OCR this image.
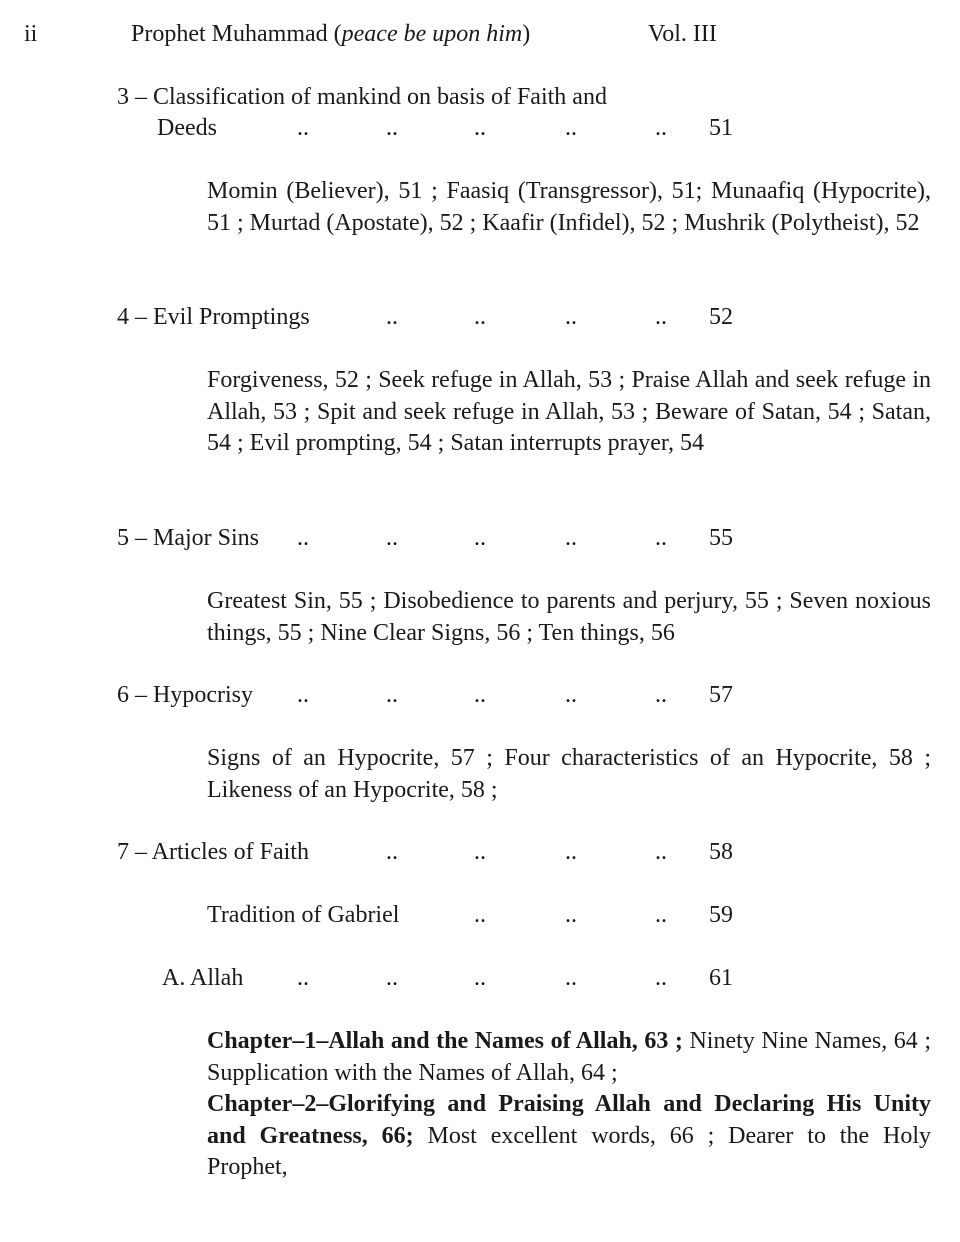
ii	Prophet Muhammad (peace be upon him)	Vol. III
3 – Classification of mankind on basis of Faith and
Deeds	..	..	..	..	.. 51
Momin (Believer), 51 ; Faasiq (Transgressor), 51; Munaafiq (Hypocrite), 51 ; Murtad (Apostate), 52 ; Kaafir (Infidel), 52 ; Mushrik (Polytheist), 52
4 – Evil Promptings	..	..	..	.. 52
Forgiveness, 52 ; Seek refuge in Allah, 53 ; Praise Allah and seek refuge in Allah, 53 ; Spit and seek refuge in Allah, 53 ; Beware of Satan, 54 ; Satan, 54 ; Evil prompting, 54 ; Satan interrupts prayer, 54
5 – Major Sins ..	..	..	..	.. 55
Greatest Sin, 55 ; Disobedience to parents and perjury, 55 ; Seven noxious things, 55 ; Nine Clear Signs, 56 ; Ten things, 56
6 – Hypocrisy ..	..	..	..	.. 57
Signs of an Hypocrite, 57 ; Four characteristics of an Hypocrite, 58 ; Likeness of an Hypocrite, 58 ;
7 – Articles of Faith	..	..	..	.. 58
Tradition of Gabriel	..	..	.. 59
A. Allah ..	..	..	..	.. 61
Chapter–1–Allah and the Names of Allah, 63 ; Ninety Nine Names, 64 ; Supplication with the Names of Allah, 64 ;
Chapter–2–Glorifying and Praising Allah and Declaring His Unity and Greatness, 66; Most excellent words, 66 ; Dearer to the Holy Prophet,
